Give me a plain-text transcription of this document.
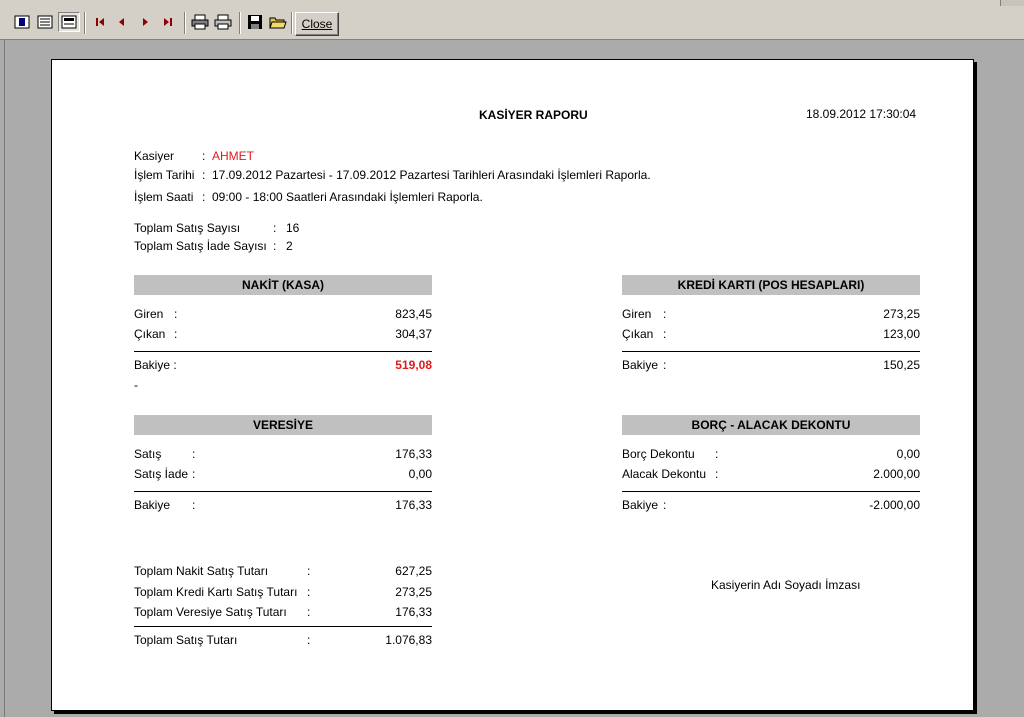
Close
KASİYER RAPORU	18.09.2012 17:30:04
Kasiyer : AHMET
İşlem Tarihi : 17.09.2012 Pazartesi - 17.09.2012 Pazartesi Tarihleri Arasındaki İşlemleri Raporla.
İşlem Saati : 09:00 - 18:00 Saatleri Arasındaki İşlemleri Raporla.
Toplam Satış Sayısı	: 16
Toplam Satış İade Sayısı : 2
NAKİT (KASA)
Giren :	823,45
Çıkan :	304,37
Bakiye :	519,08
-
KREDİ KARTI (POS HESAPLARI)
Giren :	273,25
Çıkan :	123,00
Bakiye :	150,25
VERESİYE
Satış	:	176,33
Satış İade :	0,00
Bakiye :	176,33
BORÇ - ALACAK DEKONTU
Borç Dekontu :	0,00
Alacak Dekontu :	2.000,00
Bakiye :	-2.000,00
Toplam Nakit Satış Tutarı	:	627,25
Toplam Kredi Kartı Satış Tutarı :	273,25
Toplam Veresiye Satış Tutarı :	176,33
Toplam Satış Tutarı	:	1.076,83
Kasiyerin Adı Soyadı İmzası
